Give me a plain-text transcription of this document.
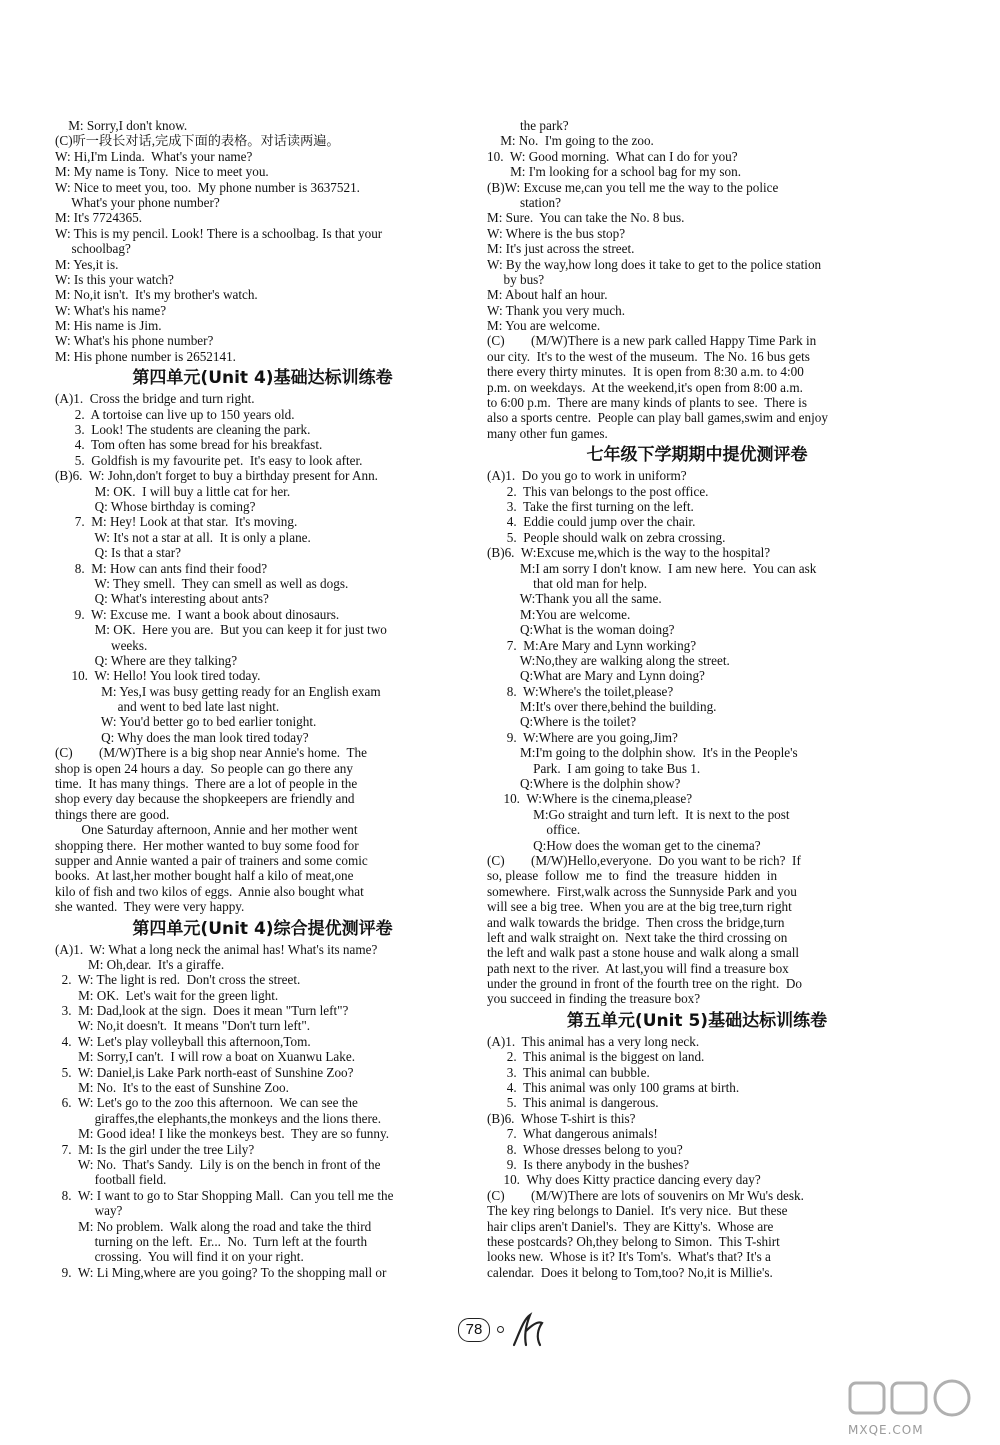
M: Sorry,I don't know.
(C)听一段长对话,完成下面的表格。对话读两遍。
W: Hi,I'm Linda.  What's your name?
M: My name is Tony.  Nice to meet you.
W: Nice to meet you, too.  My phone number is 3637521.
What's your phone number?
M: It's 7724365.
W: This is my pencil. Look! There is a schoolbag. Is that your
schoolbag?
M: Yes,it is.
W: Is this your watch?
M: No,it isn't.  It's my brother's watch.
W: What's his name?
M: His name is Jim.
W: What's his phone number?
M: His phone number is 2652141.
第四单元(Unit 4)基础达标训练卷
(A)1.  Cross the bridge and turn right.
2.  A tortoise can live up to 150 years old.
3.  Look! The students are cleaning the park.
4.  Tom often has some bread for his breakfast.
5.  Goldfish is my favourite pet.  It's easy to look after.
(B)6.  W: John,don't forget to buy a birthday present for Ann.
M: OK.  I will buy a little cat for her.
Q: Whose birthday is coming?
7.  M: Hey! Look at that star.  It's moving.
W: It's not a star at all.  It is only a plane.
Q: Is that a star?
8.  M: How can ants find their food?
W: They smell.  They can smell as well as dogs.
Q: What's interesting about ants?
9.  W: Excuse me.  I want a book about dinosaurs.
M: OK.  Here you are.  But you can keep it for just two
weeks.
Q: Where are they talking?
10.  W: Hello! You look tired today.
M: Yes,I was busy getting ready for an English exam
and went to bed late last night.
W: You'd better go to bed earlier tonight.
Q: Why does the man look tired today?
(C)        (M/W)There is a big shop near Annie's home.  The
shop is open 24 hours a day.  So people can go there any
time.  It has many things.  There are a lot of people in the
shop every day because the shopkeepers are friendly and
things there are good.
One Saturday afternoon, Annie and her mother went
shopping there.  Her mother wanted to buy some food for
supper and Annie wanted a pair of trainers and some comic
books.  At last,her mother bought half a kilo of meat,one
kilo of fish and two kilos of eggs.  Annie also bought what
she wanted.  They were very happy.
第四单元(Unit 4)综合提优测评卷
(A)1.  W: What a long neck the animal has! What's its name?
M: Oh,dear.  It's a giraffe.
2.  W: The light is red.  Don't cross the street.
M: OK.  Let's wait for the green light.
3.  M: Dad,look at the sign.  Does it mean "Turn left"?
W: No,it doesn't.  It means "Don't turn left".
4.  W: Let's play volleyball this afternoon,Tom.
M: Sorry,I can't.  I will row a boat on Xuanwu Lake.
5.  W: Daniel,is Lake Park north-east of Sunshine Zoo?
M: No.  It's to the east of Sunshine Zoo.
6.  W: Let's go to the zoo this afternoon.  We can see the
giraffes,the elephants,the monkeys and the lions there.
M: Good idea! I like the monkeys best.  They are so funny.
7.  M: Is the girl under the tree Lily?
W: No.  That's Sandy.  Lily is on the bench in front of the
football field.
8.  W: I want to go to Star Shopping Mall.  Can you tell me the
way?
M: No problem.  Walk along the road and take the third
turning on the left.  Er...  No.  Turn left at the fourth
crossing.  You will find it on your right.
9.  W: Li Ming,where are you going? To the shopping mall or
the park?
M: No.  I'm going to the zoo.
10.  W: Good morning.  What can I do for you?
M: I'm looking for a school bag for my son.
(B)W: Excuse me,can you tell me the way to the police
station?
M: Sure.  You can take the No. 8 bus.
W: Where is the bus stop?
M: It's just across the street.
W: By the way,how long does it take to get to the police station
by bus?
M: About half an hour.
W: Thank you very much.
M: You are welcome.
(C)        (M/W)There is a new park called Happy Time Park in
our city.  It's to the west of the museum.  The No. 16 bus gets
there every thirty minutes.  It is open from 8:30 a.m. to 4:00
p.m. on weekdays.  At the weekend,it's open from 8:00 a.m.
to 6:00 p.m.  There are many kinds of plants to see.  There is
also a sports centre.  People can play ball games,swim and enjoy
many other fun games.
七年级下学期期中提优测评卷
(A)1.  Do you go to work in uniform?
2.  This van belongs to the post office.
3.  Take the first turning on the left.
4.  Eddie could jump over the chair.
5.  People should walk on zebra crossing.
(B)6.  W:Excuse me,which is the way to the hospital?
M:I am sorry I don't know.  I am new here.  You can ask
that old man for help.
W:Thank you all the same.
M:You are welcome.
Q:What is the woman doing?
7.  M:Are Mary and Lynn working?
W:No,they are walking along the street.
Q:What are Mary and Lynn doing?
8.  W:Where's the toilet,please?
M:It's over there,behind the building.
Q:Where is the toilet?
9.  W:Where are you going,Jim?
M:I'm going to the dolphin show.  It's in the People's
Park.  I am going to take Bus 1.
Q:Where is the dolphin show?
10.  W:Where is the cinema,please?
M:Go straight and turn left.  It is next to the post
office.
Q:How does the woman get to the cinema?
(C)        (M/W)Hello,everyone.  Do you want to be rich?  If
so, please  follow  me  to  find  the  treasure  hidden  in
somewhere.  First,walk across the Sunnyside Park and you
will see a big tree.  When you are at the big tree,turn right
and walk towards the bridge.  Then cross the bridge,turn
left and walk straight on.  Next take the third crossing on
the left and walk past a stone house and walk along a small
path next to the river.  At last,you will find a treasure box
under the ground in front of the fourth tree on the right.  Do
you succeed in finding the treasure box?
第五单元(Unit 5)基础达标训练卷
(A)1.  This animal has a very long neck.
2.  This animal is the biggest on land.
3.  This animal can bubble.
4.  This animal was only 100 grams at birth.
5.  This animal is dangerous.
(B)6.  Whose T-shirt is this?
7.  What dangerous animals!
8.  Whose dresses belong to you?
9.  Is there anybody in the bushes?
10.  Why does Kitty practice dancing every day?
(C)        (M/W)There are lots of souvenirs on Mr Wu's desk.
The key ring belongs to Daniel.  It's very nice.  But these
hair clips aren't Daniel's.  They are Kitty's.  Whose are
these postcards? Oh,they belong to Simon.  This T-shirt
looks new.  Whose is it? It's Tom's.  What's that? It's a
calendar.  Does it belong to Tom,too? No,it is Millie's.
78
MXQE.COM
